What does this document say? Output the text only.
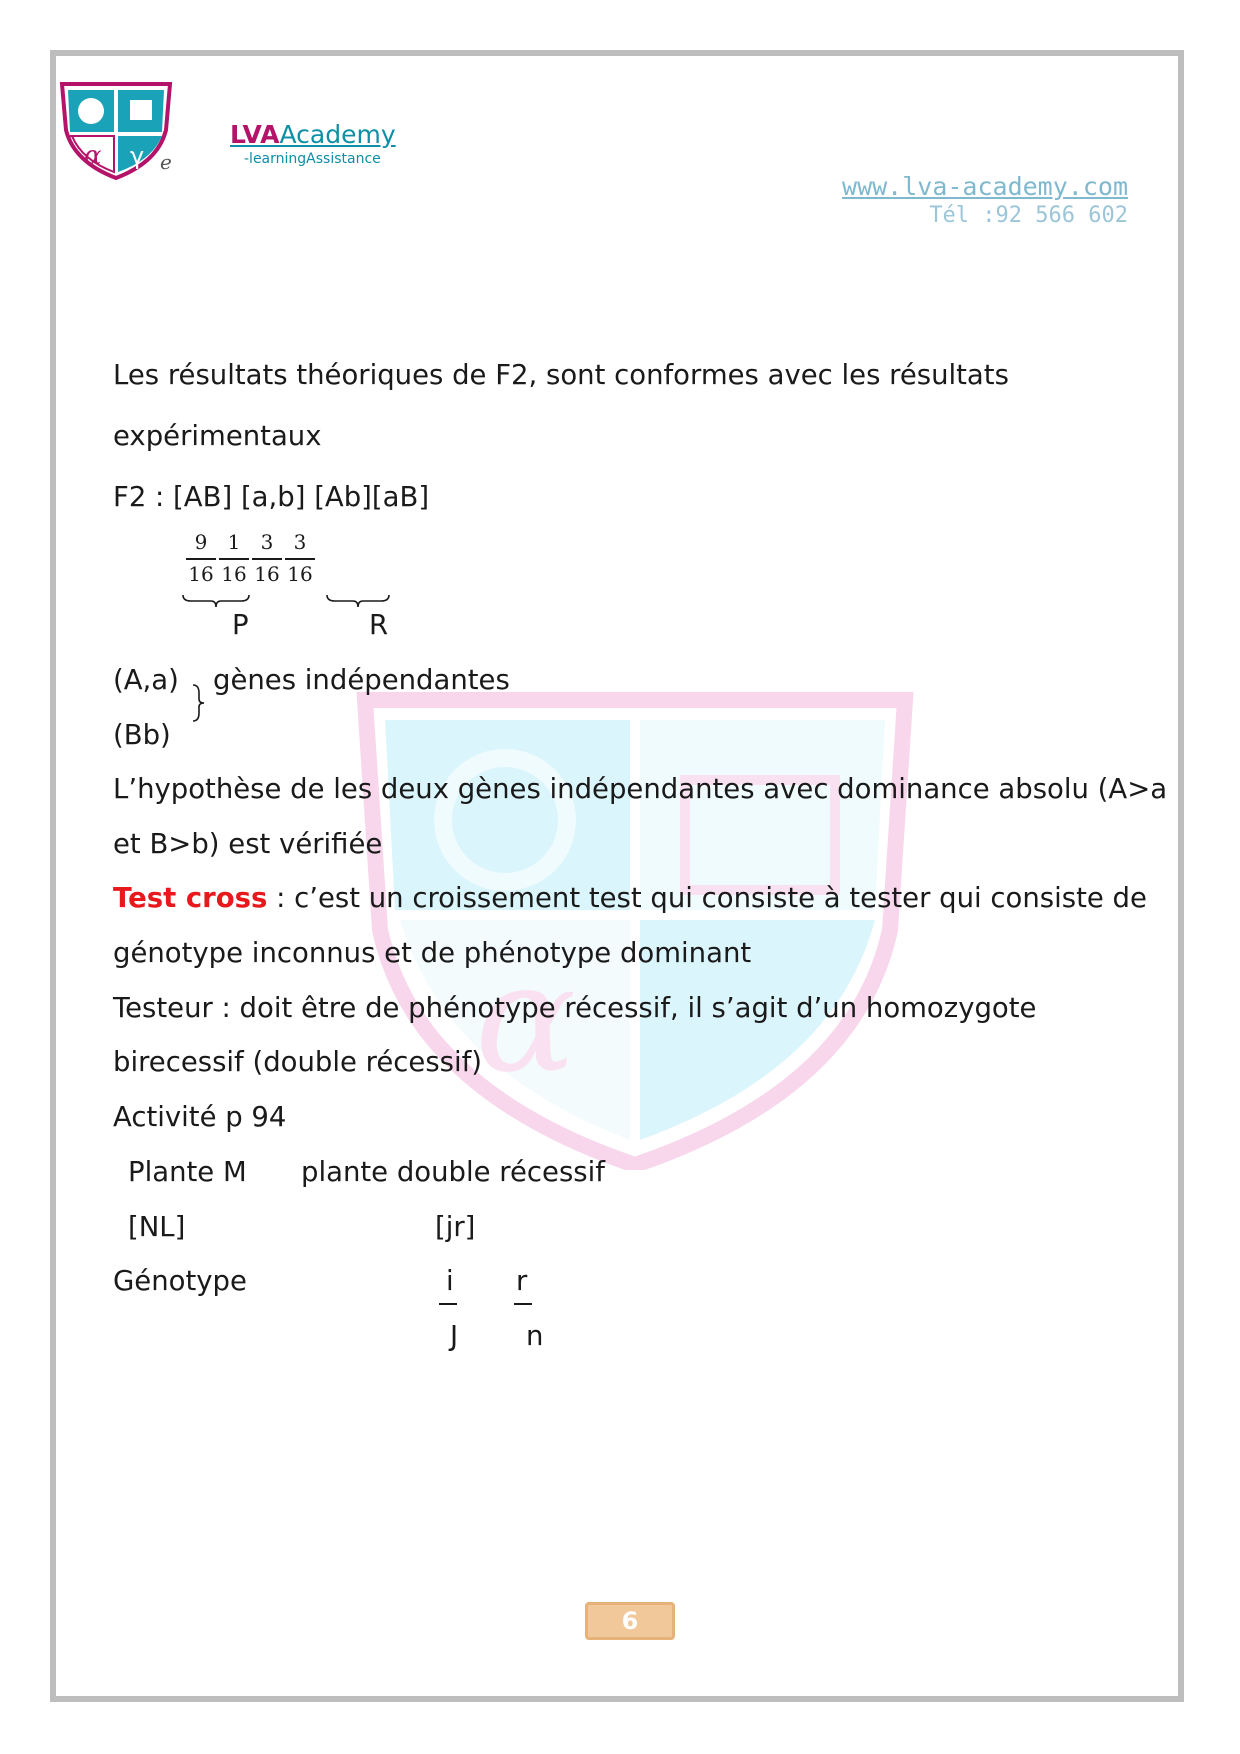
α γ e
LVAAcademy
-learningAssistance
www.lva-academy.com
Tél :92 566 602
α
Les résultats théoriques de F2, sont conformes avec les résultats
expérimentaux
F2 : [AB] [a,b] [Ab][aB]
$\frac{9}{16} \frac{1}{16} \frac{3}{16} \frac{3}{16}$
P	R
(A,a) gènes indépendantes
(Bb)
L’hypothèse de les deux gènes indépendantes avec dominance absolu (A>a
et B>b) est vérifiée
Test cross : c’est un croissement test qui consiste à tester qui consiste de
génotype inconnus et de phénotype dominant
Testeur : doit être de phénotype récessif, il s’agit d’un homozygote
birecessif (double récessif)
Activité p 94
Plante M plante double récessif
[NL]	[jr]
Génotype	i r
J n
6
